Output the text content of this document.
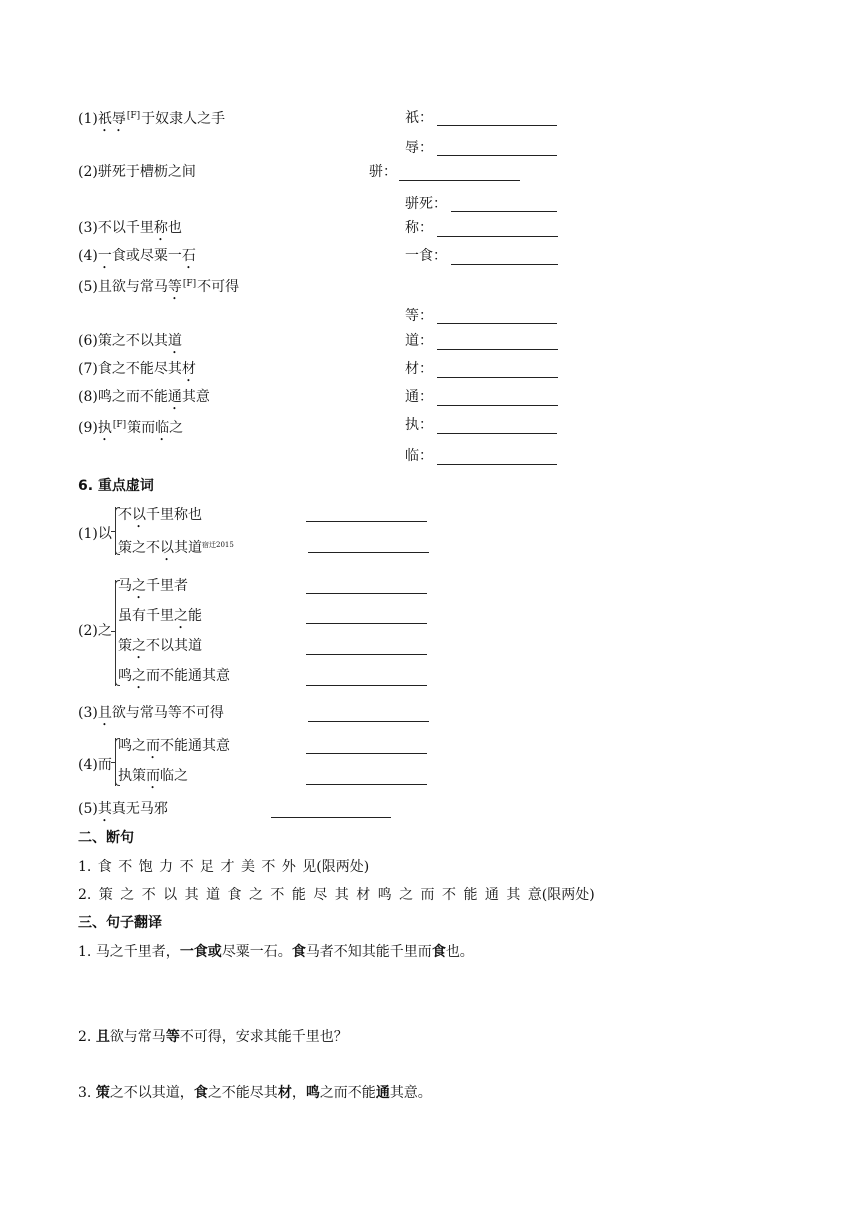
(1)祇辱[F]于奴隶人之手
(2)骈死于槽枥之间
(3)不以千里称也
(4)一食或尽粟一石
(5)且欲与常马等[F]不可得
(6)策之不以其道
(7)食之不能尽其材
(8)鸣之而不能通其意
(9)执[F]策而临之
祇：
辱：
骈：
骈死：
称：
一食：
等：
道：
材：
通：
执：
临：
6. 重点虚词
(1)以
不以千里称也
策之不以其道$^{宿迁2015}$
(2)之
马之千里者
虽有千里之能
策之不以其道
鸣之而不能通其意
(3)且欲与常马等不可得
(4)而
鸣之而不能通其意
执策而临之
(5)其真无马邪
二、断句
1. 食 不 饱 力 不 足 才 美 不 外 见(限两处)
2. 策 之 不 以 其 道 食 之 不 能 尽 其 材 鸣 之 而 不 能 通 其 意(限两处)
三、句子翻译
1. 马之千里者，一食或尽粟一石。食马者不知其能千里而食也。
2. 且欲与常马等不可得，安求其能千里也？
3. 策之不以其道，食之不能尽其材，鸣之而不能通其意。
